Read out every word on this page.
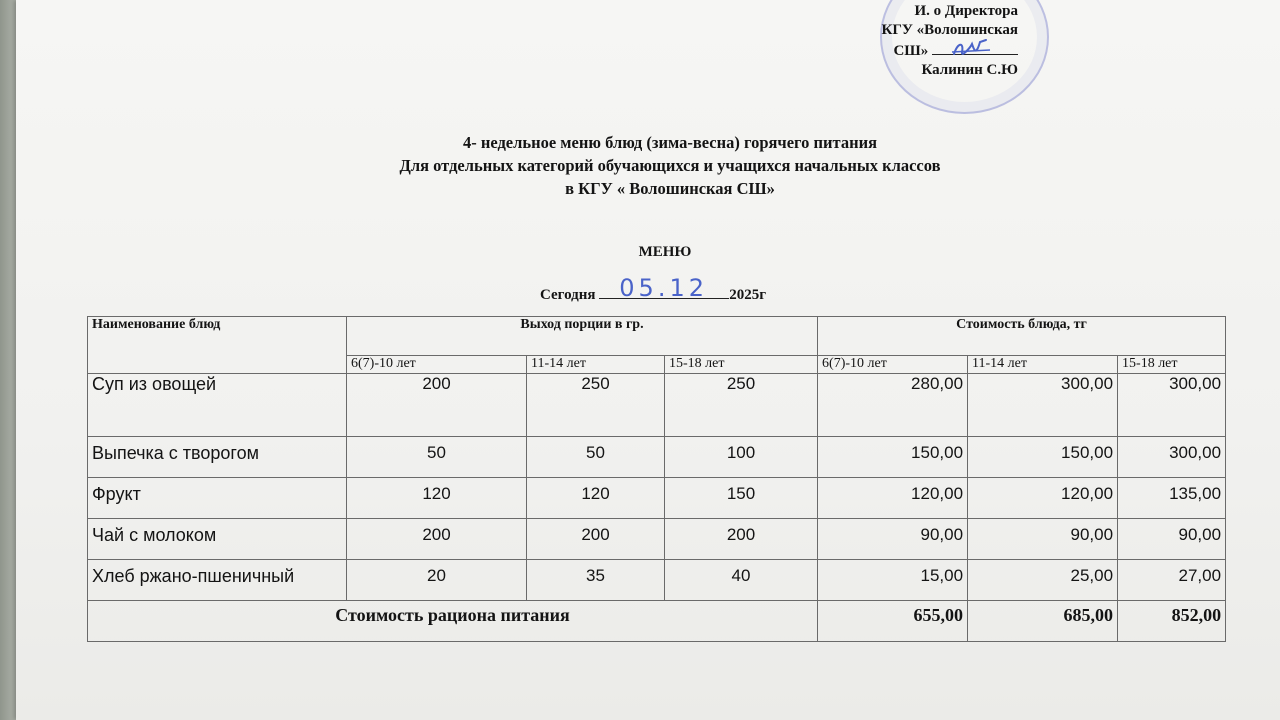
И. о Директора
КГУ «Волошинская
СШ»
Калинин С.Ю
4- недельное меню блюд (зима-весна) горячего питания
Для отдельных категорий обучающихся и учащихся начальных классов
в КГУ « Волошинская СШ»
МЕНЮ
Сегодня 05.12 2025г
Наименование блюд	Выход порции в гр.			Стоимость блюда, тг		
	6(7)-10 лет	11-14 лет	15-18 лет	6(7)-10 лет	11-14 лет	15-18 лет
Суп из овощей	200	250	250	280,00	300,00	300,00
Выпечка с творогом	50	50	100	150,00	150,00	300,00
Фрукт	120	120	150	120,00	120,00	135,00
Чай с молоком	200	200	200	90,00	90,00	90,00
Хлеб ржано-пшеничный	20	35	40	15,00	25,00	27,00
Стоимость рациона питания				655,00	685,00	852,00
